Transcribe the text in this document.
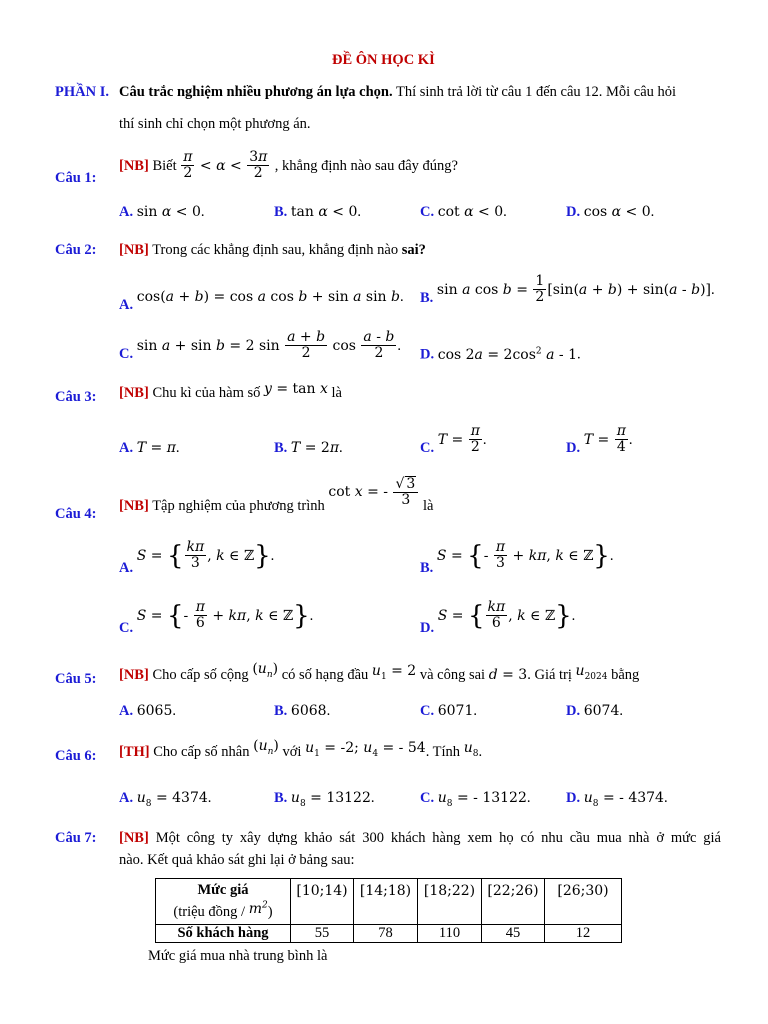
ĐỀ ÔN HỌC KÌ
PHẦN I. Câu trắc nghiệm nhiều phương án lựa chọn. Thí sinh trả lời từ câu 1 đến câu 12. Mỗi câu hỏi
thí sinh chỉ chọn một phương án.
Câu 1:
[NB] Biết $\frac{\pi}{2} < \alpha < \frac{3\pi}{2}$ , khẳng định nào sau đây đúng?
A. sin α < 0.	B. tan α < 0.	C. cot α < 0.	D. cos α < 0.
Câu 2: [NB] Trong các khẳng định sau, khẳng định nào sai?
A. cos(a + b) = cos a cos b + sin a sin b. B. sin a $\cos b = \frac{1}{2} [\sin(a + b) + \sin(a - b)]$.
C. sin a + sin b = 2 $\sin \frac{a + b}{2}$ $\cos \frac{a - b}{2}$ .
D. $\cos 2a = 2\cos^2$ a - 1.
Câu 3: [NB] Chu kì của hàm số y = tan x là
A. T = π.	B. T = 2π.	C. $T = \frac{\pi}{2}$ .	D. $T = \frac{\pi}{4}$ .
Câu 4: [NB] Tập nghiệm của phương trình cot x = - $\frac{√ 3}{3}$ là
A. S = { $\frac{k\pi}{3}$ , k ∈ ℤ}.
B. S = {- $\frac{\pi}{3} + k\pi$, k ∈ ℤ}.
C. S = {- $\frac{\pi}{6} + k\pi$, k ∈ ℤ}.
D. S = { $\frac{k\pi}{6}$ , k ∈ ℤ}.
Câu 5: [NB] Cho cấp số cộng $(u_n)$ có số hạng đầu $u_1 = 2$ và công sai d = 3. Giá trị $u_{2024}$ bằng
A. 6065.	B. 6068.	C. 6071.	D. 6074.
Câu 6: [TH] Cho cấp số nhân $(u_n)$ với $u_1 = -2$; $u_4$ = - 54. Tính $u_8$.
A. $u_8 = 4374$.	B. $u_8 = 13122$.	C. $u_8$ = - 13122. D. $u_8$ = - 4374.
Câu 7: [NB] Một công ty xây dựng khảo sát 300 khách hàng xem họ có nhu cầu mua nhà ở mức giá
nào. Kết quả khảo sát ghi lại ở bảng sau:
Mức giá
(triệu đồng / $m^2$)	[10;14)	[14;18)	[18;22)	[22;26)	[26;30)
Số khách hàng	55	78	110	45	12
Mức giá mua nhà trung bình là
